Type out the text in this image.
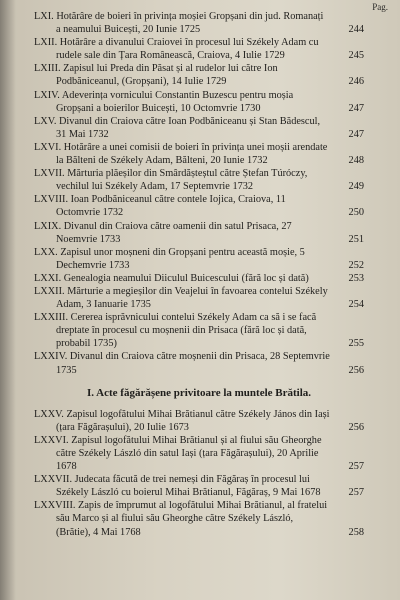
Pag.
LXI. Hotărâre de boieri în privința moșiei Gropșani din jud. Romanați a neamului Buicești, 20 Iunie 1725	244
LXII. Hotărâre a divanului Craiovei în procesul lui Székely Adam cu rudele sale din Țara Românească, Craiova, 4 Iulie 1729	245
LXIII. Zapisul lui Preda din Păsat și al rudelor lui către Ion Podbăniceanul, (Gropșani), 14 Iulie 1729	246
LXIV. Adeverința vornicului Constantin Buzescu pentru moșia Gropșani a boierilor Buicești, 10 Octomvrie 1730	247
LXV. Divanul din Craiova către Ioan Podbăniceanu și Stan Bădescul, 31 Mai 1732	247
LXVI. Hotărâre a unei comisii de boieri în privința unei moșii arendate la Bălteni de Székely Adam, Bălteni, 20 Iunie 1732	248
LXVII. Mărturia plăeșilor din Smârdășteștul către Ștefan Túróczy, vechilul lui Székely Adam, 17 Septemvrie 1732	249
LXVIII. Ioan Podbăniceanul către contele Iojica, Craiova, 11 Octomvrie 1732	250
LXIX. Divanul din Craiova către oamenii din satul Prisaca, 27 Noemvrie 1733	251
LXX. Zapisul unor moșneni din Gropșani pentru această moșie, 5 Dechemvrie 1733	252
LXXI. Genealogia neamului Diiculul Buicescului (fără loc și dată)	253
LXXII. Mărturie a megieșilor din Veajelui în favoarea contelui Székely Adam, 3 Ianuarie 1735	254
LXXIII. Cererea isprăvnicului contelui Székely Adam ca să i se facă dreptate în procesul cu moșnenii din Prisaca (fără loc și dată, probabil 1735)	255
LXXIV. Divanul din Craiova către moșnenii din Prisaca, 28 Septemvrie 1735	256
I. Acte făgărășene privitoare la muntele Brătila.
LXXV. Zapisul logofătului Mihai Brătianul către Székely János din Iași (țara Făgărașului), 20 Iulie 1673	256
LXXVI. Zapisul logofătului Mihai Brătianul și al fiului său Gheorghe către Székely László din satul Iași (țara Făgărașului), 20 Aprilie 1678	257
LXXVII. Judecata făcută de trei nemeși din Făgăraș în procesul lui Székely László cu boierul Mihai Brătianul, Făgăraș, 9 Mai 1678	257
LXXVIII. Zapis de împrumut al logofătului Mihai Brătianul, al fratelui său Marco și al fiului său Gheorghe către Székely László, (Brătie), 4 Mai 1768	258
